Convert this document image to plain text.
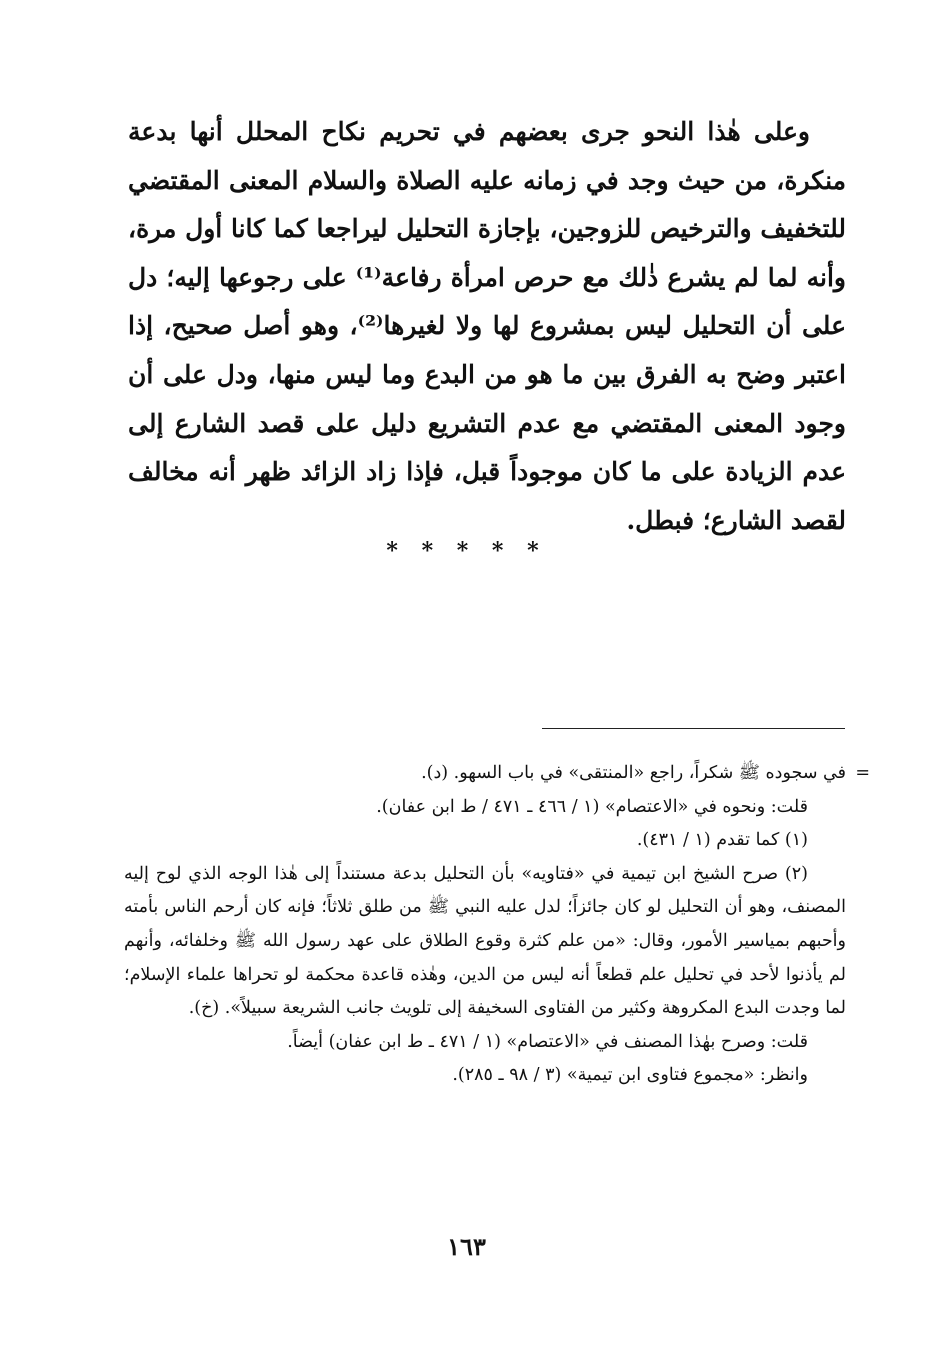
وعلى هٰذا النحو جرى بعضهم في تحريم نكاح المحلل أنها بدعة منكرة، من حيث وجد في زمانه عليه الصلاة والسلام المعنى المقتضي للتخفيف والترخيص للزوجين، بإجازة التحليل ليراجعا كما كانا أول مرة، وأنه لما لم يشرع ذٰلك مع حرص امرأة رفاعة⁽¹⁾ على رجوعها إليه؛ دل على أن التحليل ليس بمشروع لها ولا لغيرها⁽²⁾، وهو أصل صحيح، إذا اعتبر وضح به الفرق بين ما هو من البدع وما ليس منها، ودل على أن وجود المعنى المقتضي مع عدم التشريع دليل على قصد الشارع إلى عدم الزيادة على ما كان موجوداً قبل، فإذا زاد الزائد ظهر أنه مخالف لقصد الشارع؛ فبطل.

* * * * *

=
في سجوده ﷺ شكراً، راجع «المنتقى» في باب السهو. (د).

قلت: ونحوه في «الاعتصام» (١ / ٤٦٦ ـ ٤٧١ / ط ابن عفان).

(١) كما تقدم (١ / ٤٣١).

(٢) صرح الشيخ ابن تيمية في «فتاويه» بأن التحليل بدعة مستنداً إلى هٰذا الوجه الذي لوح إليه المصنف، وهو أن التحليل لو كان جائزاً؛ لدل عليه النبي ﷺ من طلق ثلاثاً؛ فإنه كان أرحم الناس بأمته وأحبهم بمياسير الأمور، وقال: «من علم كثرة وقوع الطلاق على عهد رسول الله ﷺ وخلفائه، وأنهم لم يأذنوا لأحد في تحليل علم قطعاً أنه ليس من الدين، وهٰذه قاعدة محكمة لو تحراها علماء الإسلام؛ لما وجدت البدع المكروهة وكثير من الفتاوى السخيفة إلى تلويث جانب الشريعة سبيلاً». (خ).

قلت: وصرح بهٰذا المصنف في «الاعتصام» (١ / ٤٧١ ـ ط ابن عفان) أيضاً.

وانظر: «مجموع فتاوى ابن تيمية» (٣ / ٩٨ ـ ٢٨٥).

١٦٣
